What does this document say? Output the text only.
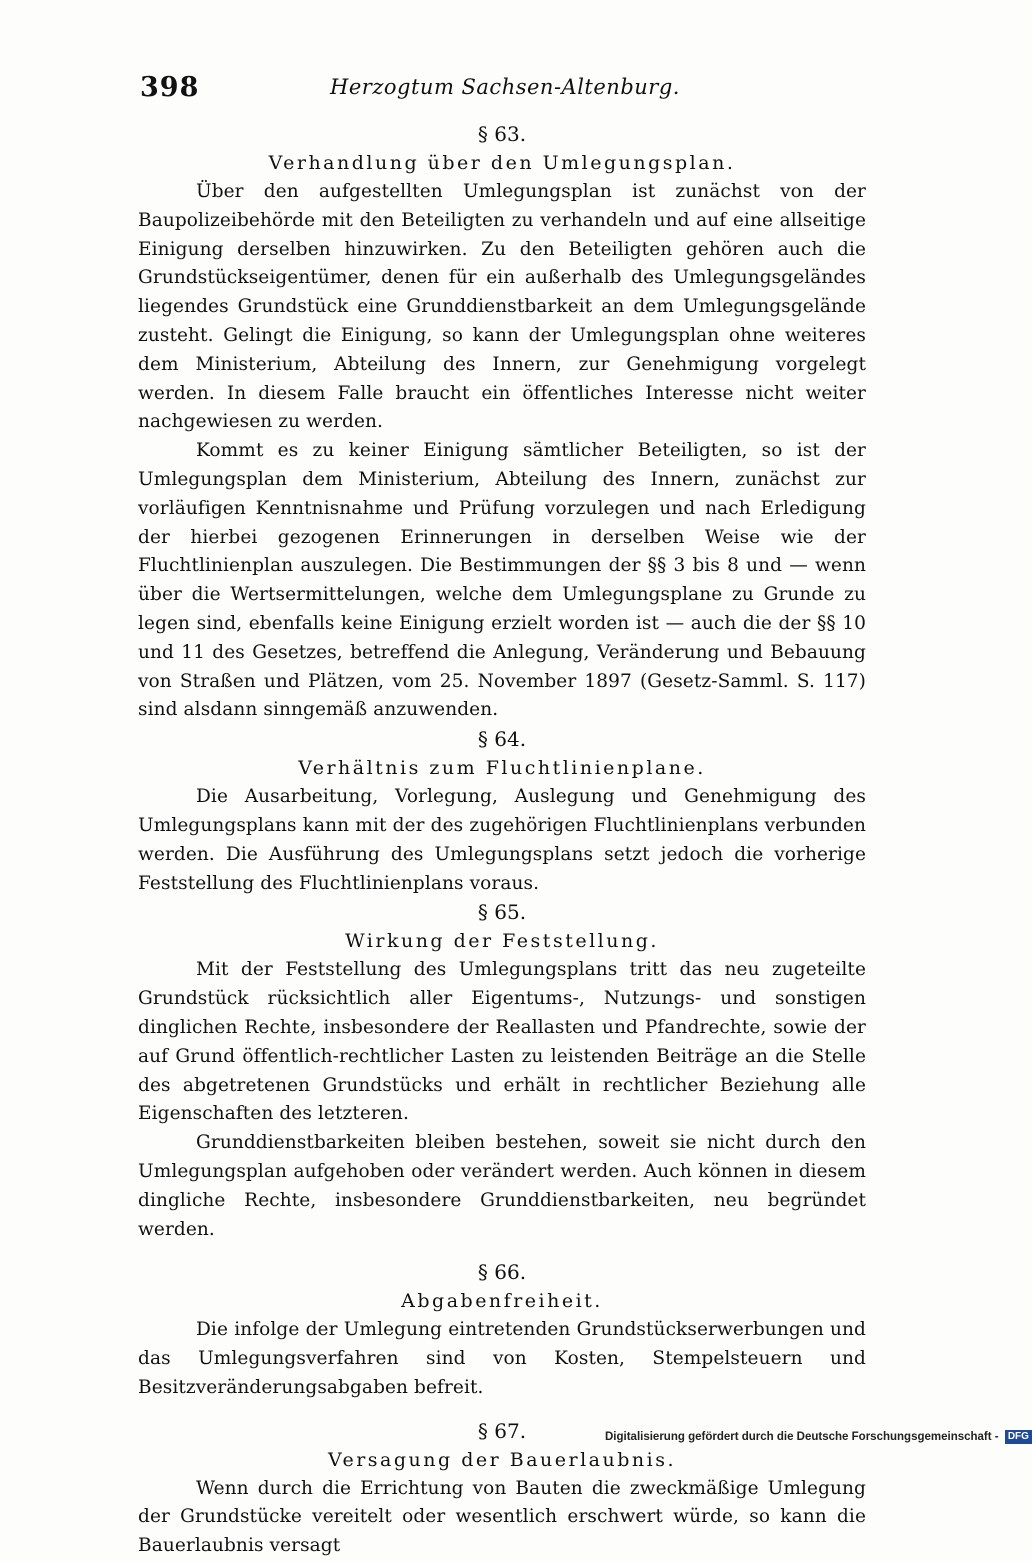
398	Herzogtum Sachsen-Altenburg.
§ 63.
Verhandlung über den Umlegungsplan.

Über den aufgestellten Umlegungsplan ist zunächst von der Baupolizeibehörde mit den Beteiligten zu verhandeln und auf eine allseitige Einigung derselben hinzuwirken. Zu den Beteiligten gehören auch die Grundstückseigentümer, denen für ein außerhalb des Umlegungsgeländes liegendes Grundstück eine Grunddienstbarkeit an dem Umlegungsgelände zusteht. Gelingt die Einigung, so kann der Umlegungsplan ohne weiteres dem Ministerium, Abteilung des Innern, zur Genehmigung vorgelegt werden. In diesem Falle braucht ein öffentliches Interesse nicht weiter nachgewiesen zu werden.

Kommt es zu keiner Einigung sämtlicher Beteiligten, so ist der Umlegungsplan dem Ministerium, Abteilung des Innern, zunächst zur vorläufigen Kenntnisnahme und Prüfung vorzulegen und nach Erledigung der hierbei gezogenen Erinnerungen in derselben Weise wie der Fluchtlinienplan auszulegen. Die Bestimmungen der §§ 3 bis 8 und — wenn über die Wertsermittelungen, welche dem Umlegungsplane zu Grunde zu legen sind, ebenfalls keine Einigung erzielt worden ist — auch die der §§ 10 und 11 des Gesetzes, betreffend die Anlegung, Veränderung und Bebauung von Straßen und Plätzen, vom 25. November 1897 (Gesetz-Samml. S. 117) sind alsdann sinngemäß anzuwenden.

§ 64.
Verhältnis zum Fluchtlinienplane.

Die Ausarbeitung, Vorlegung, Auslegung und Genehmigung des Umlegungsplans kann mit der des zugehörigen Fluchtlinienplans verbunden werden. Die Ausführung des Umlegungsplans setzt jedoch die vorherige Feststellung des Fluchtlinienplans voraus.

§ 65.
Wirkung der Feststellung.

Mit der Feststellung des Umlegungsplans tritt das neu zugeteilte Grundstück rücksichtlich aller Eigentums-, Nutzungs- und sonstigen dinglichen Rechte, insbesondere der Reallasten und Pfandrechte, sowie der auf Grund öffentlich-rechtlicher Lasten zu leistenden Beiträge an die Stelle des abgetretenen Grundstücks und erhält in rechtlicher Beziehung alle Eigenschaften des letzteren.

Grunddienstbarkeiten bleiben bestehen, soweit sie nicht durch den Umlegungsplan aufgehoben oder verändert werden. Auch können in diesem dingliche Rechte, insbesondere Grunddienstbarkeiten, neu begründet werden.

§ 66.
Abgabenfreiheit.

Die infolge der Umlegung eintretenden Grundstückserwerbungen und das Umlegungsverfahren sind von Kosten, Stempelsteuern und Besitzveränderungsabgaben befreit.

§ 67.
Versagung der Bauerlaubnis.

Wenn durch die Errichtung von Bauten die zweckmäßige Umlegung der Grundstücke vereitelt oder wesentlich erschwert würde, so kann die Bauerlaubnis versagt

Digitalisierung gefördert durch die Deutsche Forschungsgemeinschaft - DFG
